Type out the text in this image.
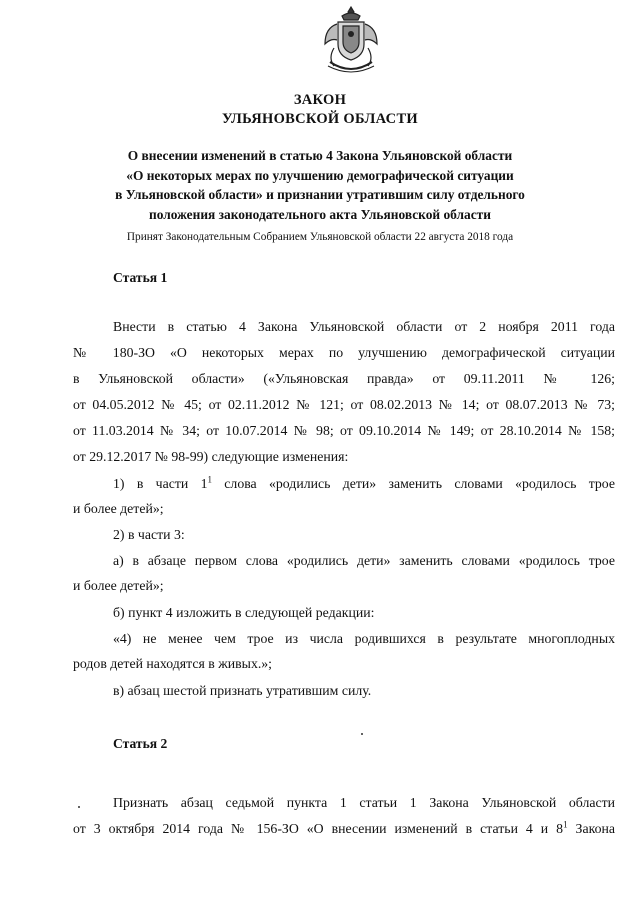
ЗАКОН
УЛЬЯНОВСКОЙ ОБЛАСТИ
О внесении изменений в статью 4 Закона Ульяновской области
«О некоторых мерах по улучшению демографической ситуации
в Ульяновской области» и признании утратившим силу отдельного
положения законодательного акта Ульяновской области
Принят Законодательным Собранием Ульяновской области 22 августа 2018 года
Статья 1
Внести в статью 4 Закона Ульяновской области от 2 ноября 2011 года
№ 180-ЗО «О некоторых мерах по улучшению демографической ситуации
в Ульяновской области» («Ульяновская правда» от 09.11.2011 № 126;
от 04.05.2012 № 45; от 02.11.2012 № 121; от 08.02.2013 № 14; от 08.07.2013 № 73;
от 11.03.2014 № 34; от 10.07.2014 № 98; от 09.10.2014 № 149; от 28.10.2014 № 158;
от 29.12.2017 № 98-99) следующие изменения:
1) в части $1^1$ слова «родились дети» заменить словами «родилось трое
и более детей»;
2) в части 3:
а) в абзаце первом слова «родились дети» заменить словами «родилось трое
и более детей»;
б) пункт 4 изложить в следующей редакции:
«4) не менее чем трое из числа родившихся в результате многоплодных
родов детей находятся в живых.»;
в) абзац шестой признать утратившим силу.
Статья 2
Признать абзац седьмой пункта 1 статьи 1 Закона Ульяновской области
от 3 октября 2014 года № 156-ЗО «О внесении изменений в статьи 4 и $8^1$ Закона
